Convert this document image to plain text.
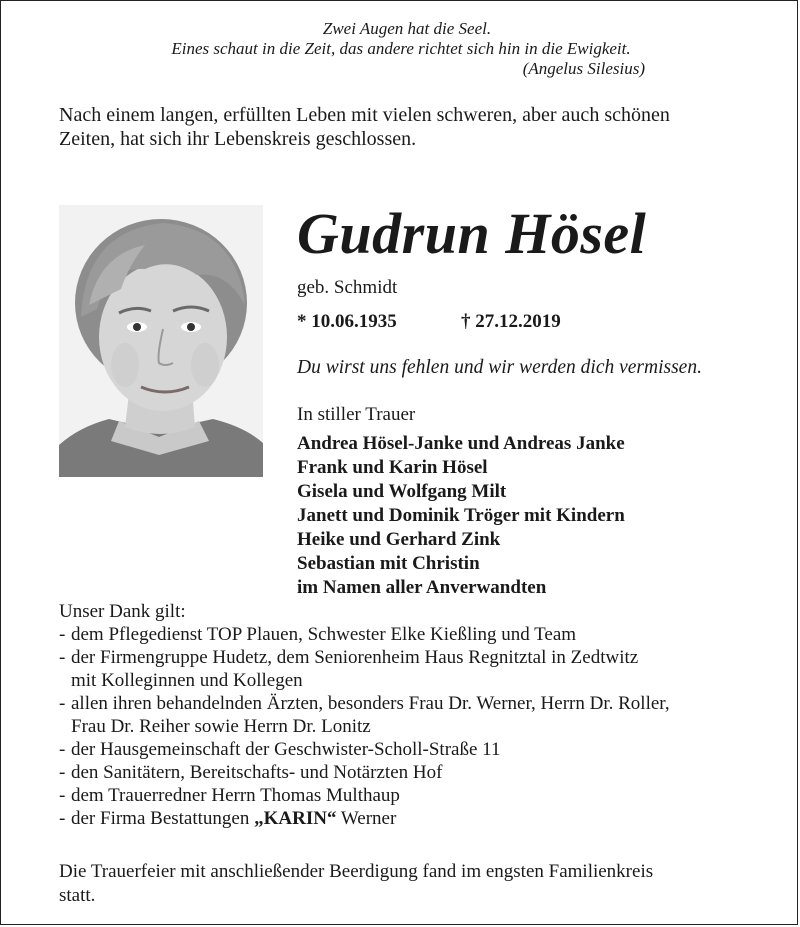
Zwei Augen hat die Seel.
Eines schaut in die Zeit, das andere richtet sich hin in die Ewigkeit.
(Angelus Silesius)
Nach einem langen, erfüllten Leben mit vielen schweren, aber auch schönen
Zeiten, hat sich ihr Lebenskreis geschlossen.
Gudrun Hösel
geb. Schmidt
* 10.06.1935	† 27.12.2019
Du wirst uns fehlen und wir werden dich vermissen.
In stiller Trauer
Andrea Hösel-Janke und Andreas Janke
Frank und Karin Hösel
Gisela und Wolfgang Milt
Janett und Dominik Tröger mit Kindern
Heike und Gerhard Zink
Sebastian mit Christin
im Namen aller Anverwandten
Unser Dank gilt:
- dem Pflegedienst TOP Plauen, Schwester Elke Kießling und Team
- der Firmengruppe Hudetz, dem Seniorenheim Haus Regnitztal in Zedtwitz
mit Kolleginnen und Kollegen
- allen ihren behandelnden Ärzten, besonders Frau Dr. Werner, Herrn Dr. Roller,
Frau Dr. Reiher sowie Herrn Dr. Lonitz
- der Hausgemeinschaft der Geschwister-Scholl-Straße 11
- den Sanitätern, Bereitschafts- und Notärzten Hof
- dem Trauerredner Herrn Thomas Multhaup
- der Firma Bestattungen „KARIN“ Werner
Die Trauerfeier mit anschließender Beerdigung fand im engsten Familienkreis
statt.
